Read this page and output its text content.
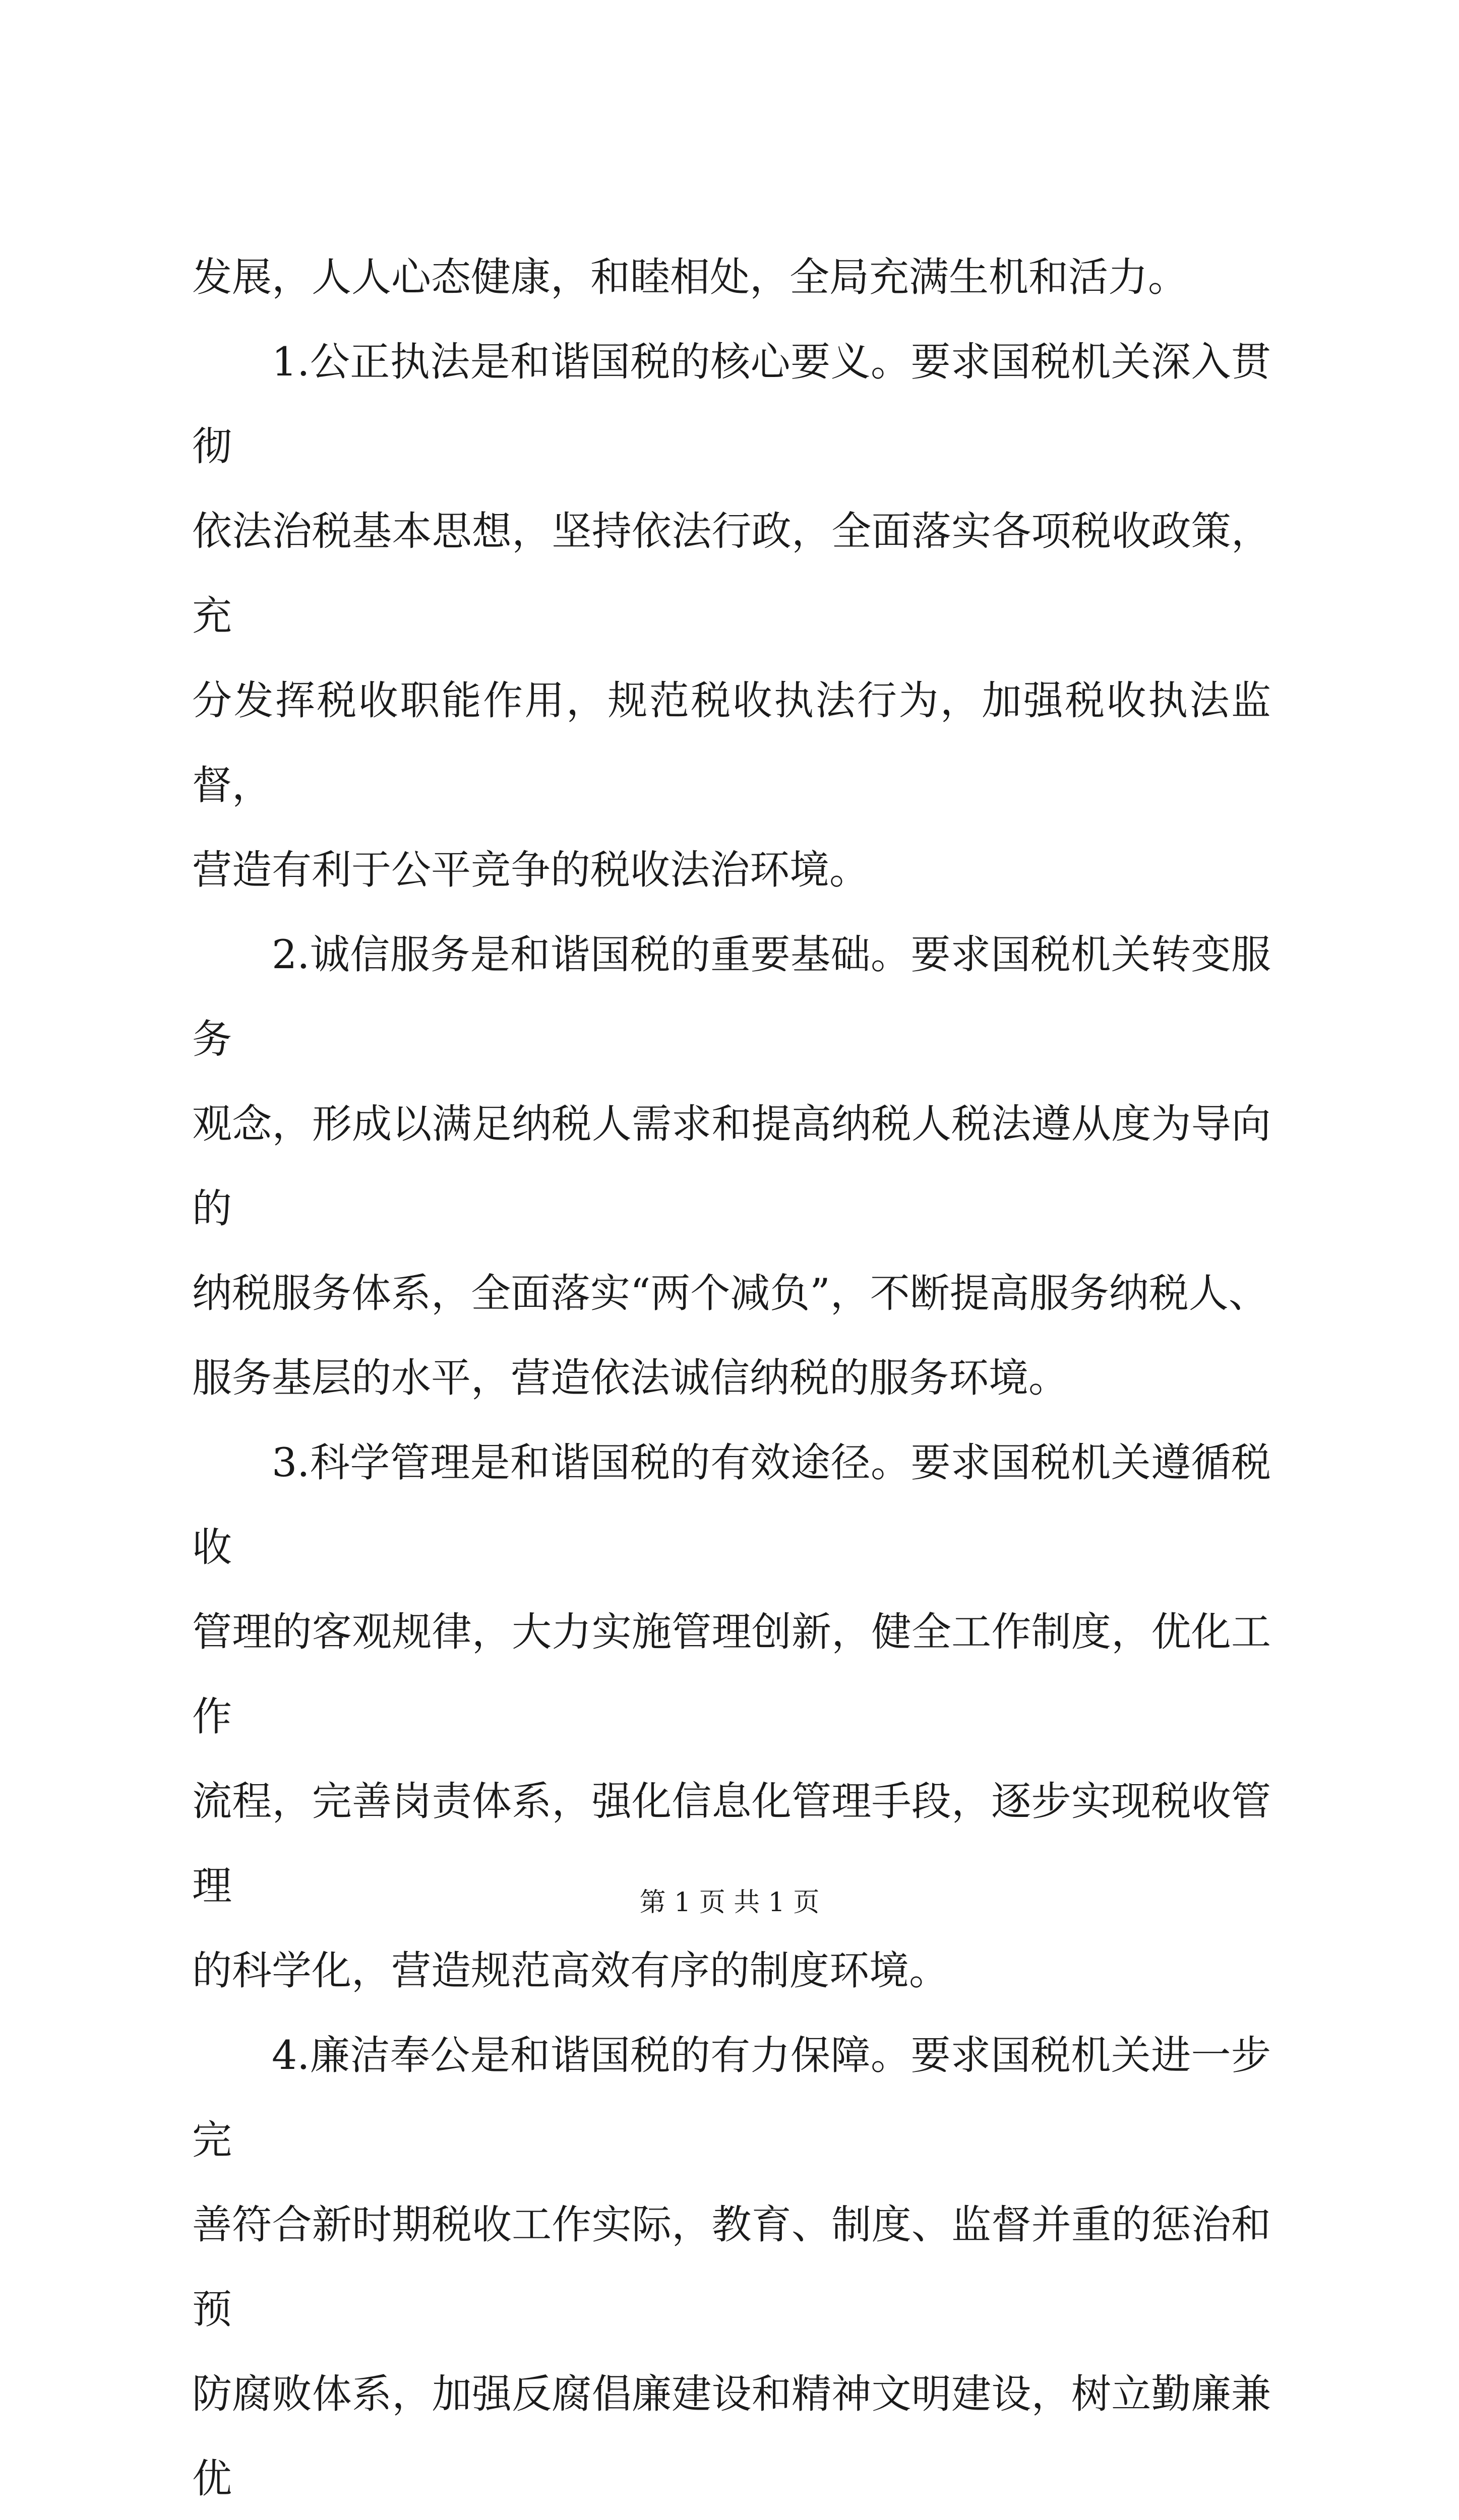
发展，人人心态健康，和睦相处，全局充满生机和活力。

1.公正执法是和谐国税的核心要义。要求国税机关深入贯彻
依法治税基本思想，坚持依法行政，全面落实各项税收政策，充
分发挥税收职能作用，规范税收执法行为，加强税收执法监督，
营造有利于公平竞争的税收法治环境。

2.诚信服务是和谐国税的重要基础。要求国税机关转变服务
观念，形成以满足纳税人需求和提高纳税人税法遵从度为导向的
纳税服务体系，全面落实“两个减负”，不断提高服务纳税人、
服务基层的水平，营造依法诚信纳税的服务环境。

3.科学管理是和谐国税的有效途径。要求国税机关遵循税收
管理的客观规律，大力实施管理创新，健全工作制度，优化工作
流程，完善岗责体系，强化信息化管理手段，逐步实现税收管理
的科学化，营造规范高效有序的制度环境。

4.廉洁奉公是和谐国税的有力保障。要求国税机关进一步完
善符合新时期税收工作实际，教育、制度、监督并重的惩治和预
防腐败体系，加强反腐倡廉建设和精神文明建设，树立勤廉兼优

第 1 页 共 1 页
